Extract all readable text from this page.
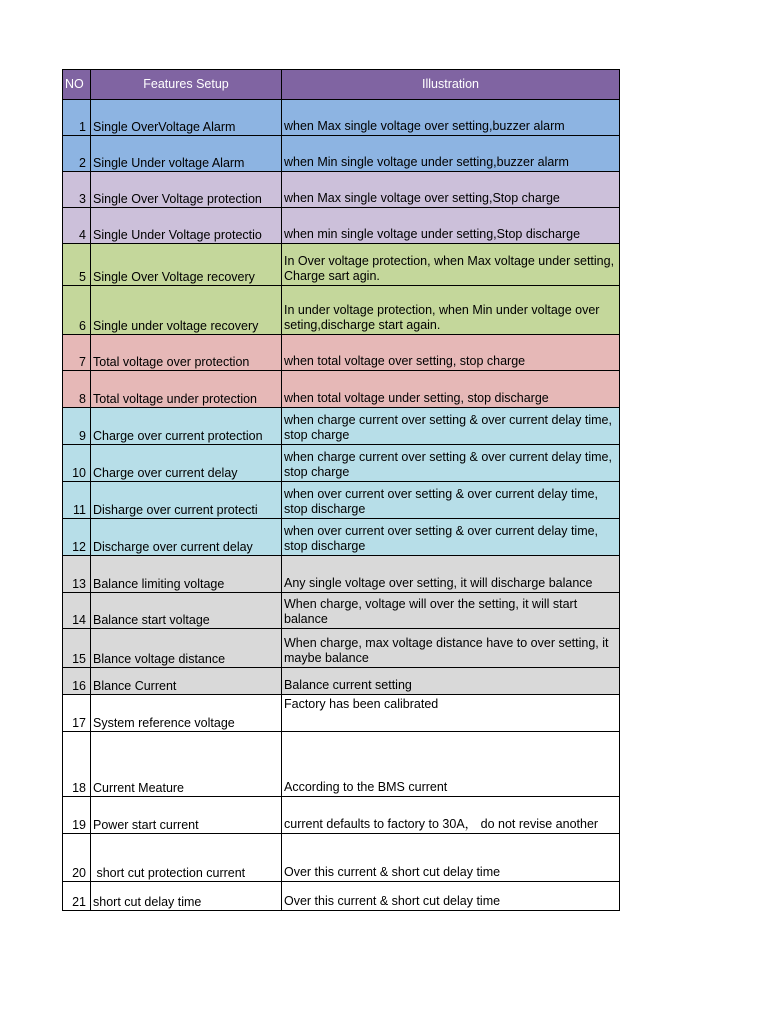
NO	Features Setup	Illustration
1	Single OverVoltage Alarm	when Max single voltage over setting,buzzer alarm
2	Single Under voltage Alarm	when Min single voltage under setting,buzzer alarm
3	Single Over Voltage protection	when Max single voltage over setting,Stop charge
4	Single Under Voltage protectio	when min single voltage under setting,Stop discharge
5	Single Over Voltage recovery	In Over voltage protection, when Max voltage under setting, Charge sart agin.
6	Single under voltage recovery	In under voltage protection, when Min under voltage over seting,discharge start again.
7	Total voltage over protection	when total voltage over setting, stop charge
8	Total voltage under protection	when total voltage under setting, stop discharge
9	Charge over current protection	when charge current over setting & over current delay time, stop charge
10	Charge over current delay	when charge current over setting & over current delay time, stop charge
11	Disharge over current protecti	when over current over setting & over current delay time, stop discharge
12	Discharge over current delay	when over current over setting & over current delay time, stop discharge
13	Balance limiting voltage	Any single voltage over setting, it will discharge balance
14	Balance start voltage	When charge, voltage will over the setting, it will start balance
15	Blance voltage distance	When charge, max voltage distance have to over setting, it maybe balance
16	Blance Current	Balance current setting
17	System reference voltage	Factory has been calibrated
18	Current Meature	According to the BMS current
19	Power start current	current defaults to factory to 30A， do not revise another
20	short cut protection current	Over this current & short cut delay time
21	short cut delay time	Over this current & short cut delay time
